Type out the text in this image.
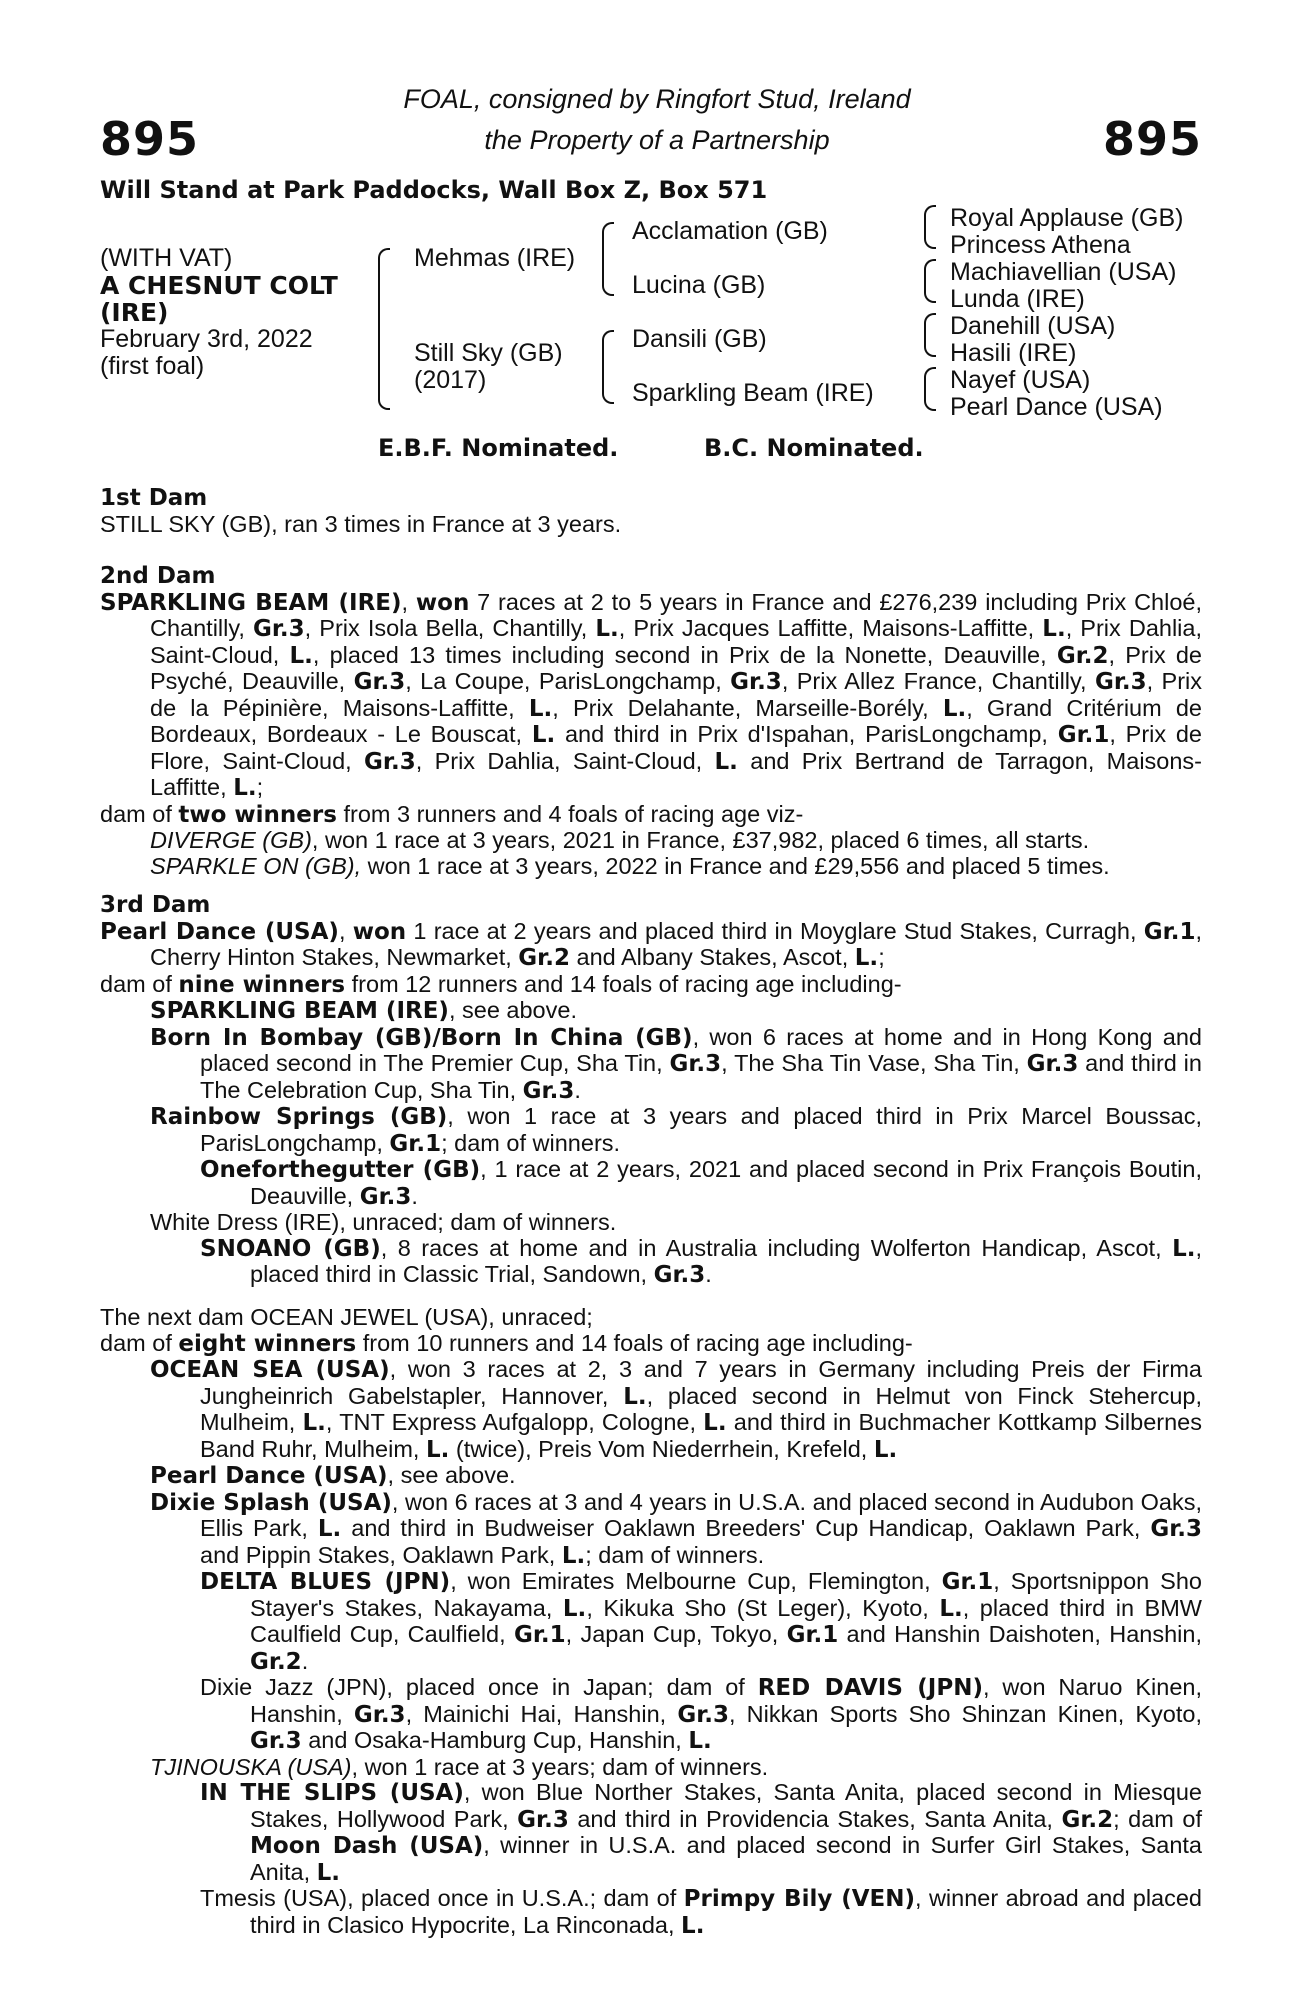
895	895
FOAL, consigned by Ringfort Stud, Ireland
the Property of a Partnership
Will Stand at Park Paddocks, Wall Box Z, Box 571
(WITH VAT)
A CHESNUT COLT
(IRE)
February 3rd, 2022
(first foal)
Mehmas (IRE)
Still Sky (GB)
(2017)
Acclamation (GB)
Lucina (GB)
Dansili (GB)
Sparkling Beam (IRE)
Royal Applause (GB)
Princess Athena
Machiavellian (USA)
Lunda (IRE)
Danehill (USA)
Hasili (IRE)
Nayef (USA)
Pearl Dance (USA)
E.B.F. Nominated.	B.C. Nominated.
1st Dam

STILL SKY (GB), ran 3 times in France at 3 years.

2nd Dam

SPARKLING BEAM (IRE), won 7 races at 2 to 5 years in France and £276,239 including Prix Chloé, Chantilly, Gr.3, Prix Isola Bella, Chantilly, L., Prix Jacques Laffitte, Maisons-Laffitte, L., Prix Dahlia, Saint-Cloud, L., placed 13 times including second in Prix de la Nonette, Deauville, Gr.2, Prix de Psyché, Deauville, Gr.3, La Coupe, ParisLongchamp, Gr.3, Prix Allez France, Chantilly, Gr.3, Prix de la Pépinière, Maisons-Laffitte, L., Prix Delahante, Marseille-Borély, L., Grand Critérium de Bordeaux, Bordeaux - Le Bouscat, L. and third in Prix d'Ispahan, ParisLongchamp, Gr.1, Prix de Flore, Saint-Cloud, Gr.3, Prix Dahlia, Saint-Cloud, L. and Prix Bertrand de Tarragon, Maisons-Laffitte, L.;

dam of two winners from 3 runners and 4 foals of racing age viz-

DIVERGE (GB), won 1 race at 3 years, 2021 in France, £37,982, placed 6 times, all starts.

SPARKLE ON (GB), won 1 race at 3 years, 2022 in France and £29,556 and placed 5 times.

3rd Dam

Pearl Dance (USA), won 1 race at 2 years and placed third in Moyglare Stud Stakes, Curragh, Gr.1, Cherry Hinton Stakes, Newmarket, Gr.2 and Albany Stakes, Ascot, L.;

dam of nine winners from 12 runners and 14 foals of racing age including-

SPARKLING BEAM (IRE), see above.

Born In Bombay (GB)/Born In China (GB), won 6 races at home and in Hong Kong and placed second in The Premier Cup, Sha Tin, Gr.3, The Sha Tin Vase, Sha Tin, Gr.3 and third in The Celebration Cup, Sha Tin, Gr.3.

Rainbow Springs (GB), won 1 race at 3 years and placed third in Prix Marcel Boussac, ParisLongchamp, Gr.1; dam of winners.

Oneforthegutter (GB), 1 race at 2 years, 2021 and placed second in Prix François Boutin, Deauville, Gr.3.

White Dress (IRE), unraced; dam of winners.

SNOANO (GB), 8 races at home and in Australia including Wolferton Handicap, Ascot, L., placed third in Classic Trial, Sandown, Gr.3.

The next dam OCEAN JEWEL (USA), unraced;

dam of eight winners from 10 runners and 14 foals of racing age including-

OCEAN SEA (USA), won 3 races at 2, 3 and 7 years in Germany including Preis der Firma Jungheinrich Gabelstapler, Hannover, L., placed second in Helmut von Finck Stehercup, Mulheim, L., TNT Express Aufgalopp, Cologne, L. and third in Buchmacher Kottkamp Silbernes Band Ruhr, Mulheim, L. (twice), Preis Vom Niederrhein, Krefeld, L.

Pearl Dance (USA), see above.

Dixie Splash (USA), won 6 races at 3 and 4 years in U.S.A. and placed second in Audubon Oaks, Ellis Park, L. and third in Budweiser Oaklawn Breeders' Cup Handicap, Oaklawn Park, Gr.3 and Pippin Stakes, Oaklawn Park, L.; dam of winners.

DELTA BLUES (JPN), won Emirates Melbourne Cup, Flemington, Gr.1, Sportsnippon Sho Stayer's Stakes, Nakayama, L., Kikuka Sho (St Leger), Kyoto, L., placed third in BMW Caulfield Cup, Caulfield, Gr.1, Japan Cup, Tokyo, Gr.1 and Hanshin Daishoten, Hanshin, Gr.2.

Dixie Jazz (JPN), placed once in Japan; dam of RED DAVIS (JPN), won Naruo Kinen, Hanshin, Gr.3, Mainichi Hai, Hanshin, Gr.3, Nikkan Sports Sho Shinzan Kinen, Kyoto, Gr.3 and Osaka-Hamburg Cup, Hanshin, L.

TJINOUSKA (USA), won 1 race at 3 years; dam of winners.

IN THE SLIPS (USA), won Blue Norther Stakes, Santa Anita, placed second in Miesque Stakes, Hollywood Park, Gr.3 and third in Providencia Stakes, Santa Anita, Gr.2; dam of Moon Dash (USA), winner in U.S.A. and placed second in Surfer Girl Stakes, Santa Anita, L.

Tmesis (USA), placed once in U.S.A.; dam of Primpy Bily (VEN), winner abroad and placed third in Clasico Hypocrite, La Rinconada, L.
